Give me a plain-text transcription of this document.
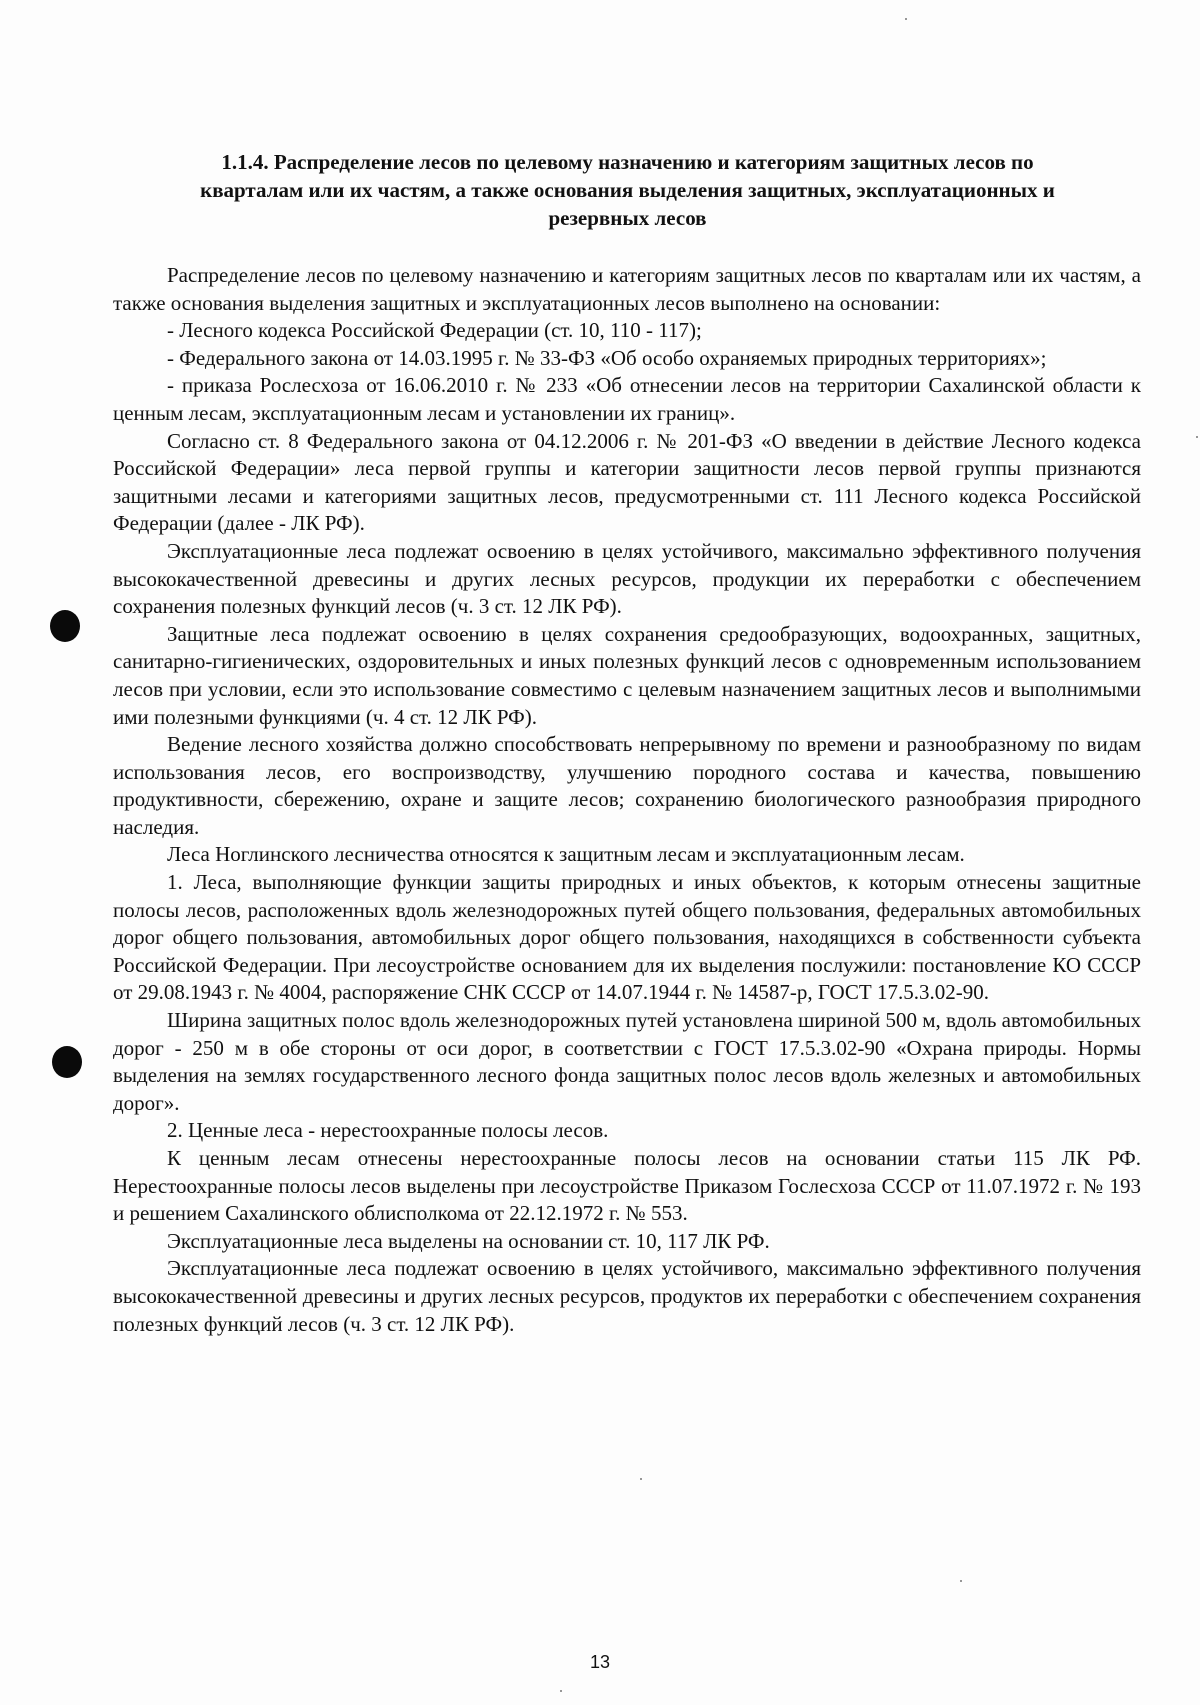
1.1.4. Распределение лесов по целевому назначению и категориям защитных лесов по
кварталам или их частям, а также основания выделения защитных, эксплуатационных и
резервных лесов

Распределение лесов по целевому назначению и категориям защитных лесов по кварталам или их частям, а также основания выделения защитных и эксплуатационных лесов выполнено на основании:

- Лесного кодекса Российской Федерации (ст. 10, 110 - 117);

- Федерального закона от 14.03.1995 г. № 33-ФЗ «Об особо охраняемых природных территориях»;

- приказа Рослесхоза от 16.06.2010 г. № 233 «Об отнесении лесов на территории Сахалинской области к ценным лесам, эксплуатационным лесам и установлении их границ».

Согласно ст. 8 Федерального закона от 04.12.2006 г. № 201-ФЗ «О введении в действие Лесного кодекса Российской Федерации» леса первой группы и категории защитности лесов первой группы признаются защитными лесами и категориями защитных лесов, предусмотренными ст. 111 Лесного кодекса Российской Федерации (далее - ЛК РФ).

Эксплуатационные леса подлежат освоению в целях устойчивого, максимально эффективного получения высококачественной древесины и других лесных ресурсов, продукции их переработки с обеспечением сохранения полезных функций лесов (ч. 3 ст. 12 ЛК РФ).

Защитные леса подлежат освоению в целях сохранения средообразующих, водоохранных, защитных, санитарно-гигиенических, оздоровительных и иных полезных функций лесов с одновременным использованием лесов при условии, если это использование совместимо с целевым назначением защитных лесов и выполнимыми ими полезными функциями (ч. 4 ст. 12 ЛК РФ).

Ведение лесного хозяйства должно способствовать непрерывному по времени и разнообразному по видам использования лесов, его воспроизводству, улучшению породного состава и качества, повышению продуктивности, сбережению, охране и защите лесов; сохранению биологического разнообразия природного наследия.

Леса Ноглинского лесничества относятся к защитным лесам и эксплуатационным лесам.

1. Леса, выполняющие функции защиты природных и иных объектов, к которым отнесены защитные полосы лесов, расположенных вдоль железнодорожных путей общего пользования, федеральных автомобильных дорог общего пользования, автомобильных дорог общего пользования, находящихся в собственности субъекта Российской Федерации. При лесоустройстве основанием для их выделения послужили: постановление КО СССР от 29.08.1943 г. № 4004, распоряжение СНК СССР от 14.07.1944 г. № 14587-р, ГОСТ 17.5.3.02-90.

Ширина защитных полос вдоль железнодорожных путей установлена шириной 500 м, вдоль автомобильных дорог - 250 м в обе стороны от оси дорог, в соответствии с ГОСТ 17.5.3.02-90 «Охрана природы. Нормы выделения на землях государственного лесного фонда защитных полос лесов вдоль железных и автомобильных дорог».

2. Ценные леса - нерестоохранные полосы лесов.

К ценным лесам отнесены нерестоохранные полосы лесов на основании статьи 115 ЛК РФ. Нерестоохранные полосы лесов выделены при лесоустройстве Приказом Гослесхоза СССР от 11.07.1972 г. № 193 и решением Сахалинского облисполкома от 22.12.1972 г. № 553.

Эксплуатационные леса выделены на основании ст. 10, 117 ЛК РФ.

Эксплуатационные леса подлежат освоению в целях устойчивого, максимально эффективного получения высококачественной древесины и других лесных ресурсов, продуктов их переработки с обеспечением сохранения полезных функций лесов (ч. 3 ст. 12 ЛК РФ).

13
